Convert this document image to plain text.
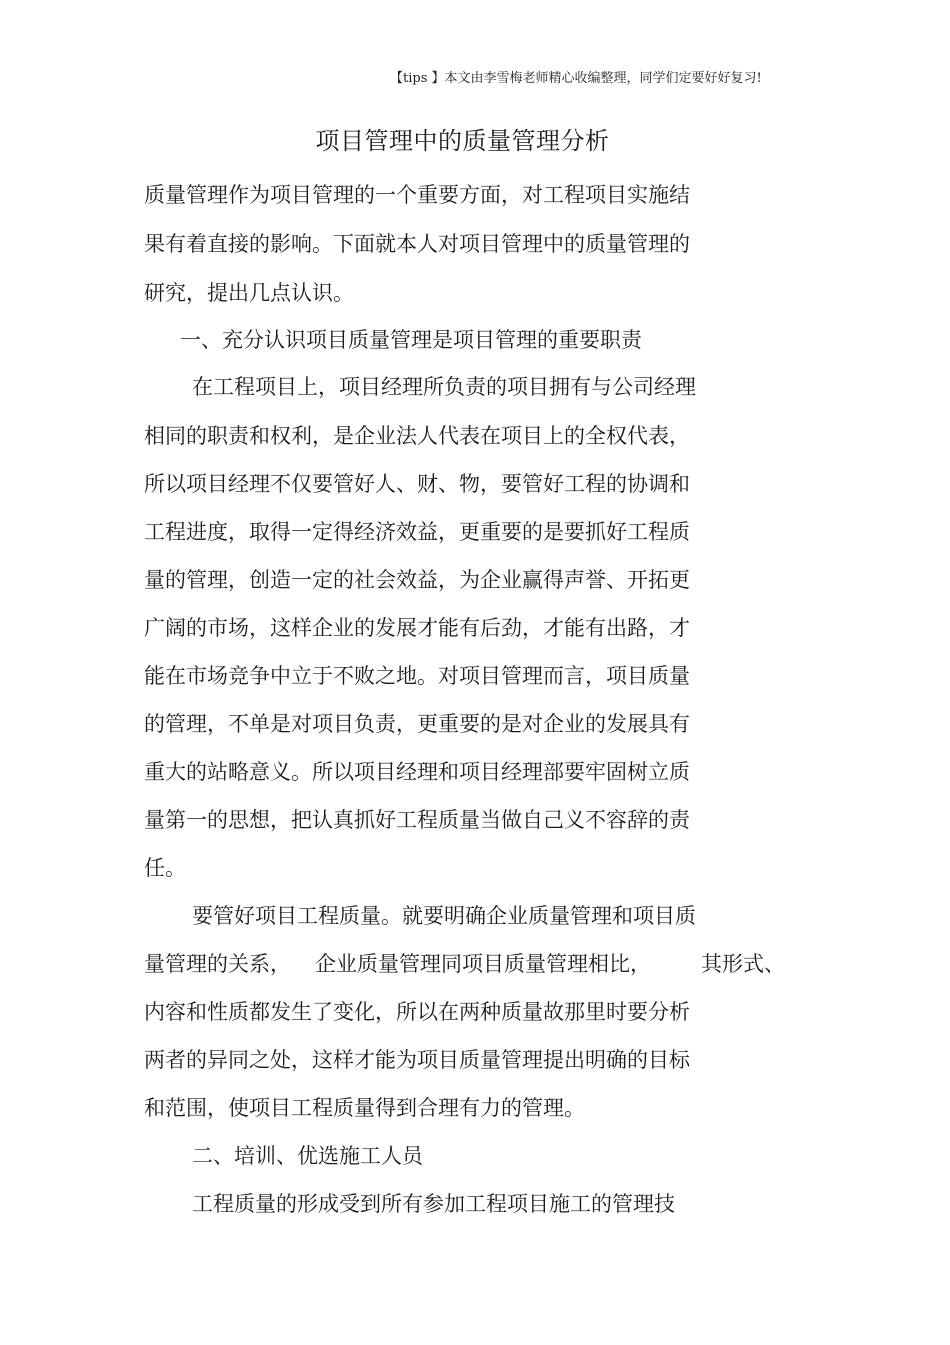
【tips 】本文由李雪梅老师精心收编整理，同学们定要好好复习!
项目管理中的质量管理分析
质量管理作为项目管理的一个重要方面，对工程项目实施结
果有着直接的影响。下面就本人对项目管理中的质量管理的
研究，提出几点认识。
一、充分认识项目质量管理是项目管理的重要职责
在工程项目上，项目经理所负责的项目拥有与公司经理
相同的职责和权利，是企业法人代表在项目上的全权代表，
所以项目经理不仅要管好人、财、物，要管好工程的协调和
工程进度，取得一定得经济效益，更重要的是要抓好工程质
量的管理，创造一定的社会效益，为企业赢得声誉、开拓更
广阔的市场，这样企业的发展才能有后劲，才能有出路，才
能在市场竞争中立于不败之地。对项目管理而言，项目质量
的管理，不单是对项目负责，更重要的是对企业的发展具有
重大的站略意义。所以项目经理和项目经理部要牢固树立质
量第一的思想，把认真抓好工程质量当做自己义不容辞的责
任。
要管好项目工程质量。就要明确企业质量管理和项目质
量管理的关系， 企业质量管理同项目质量管理相比， 其形式、
内容和性质都发生了变化，所以在两种质量故那里时要分析
两者的异同之处，这样才能为项目质量管理提出明确的目标
和范围，使项目工程质量得到合理有力的管理。
二、培训、优选施工人员
工程质量的形成受到所有参加工程项目施工的管理技
